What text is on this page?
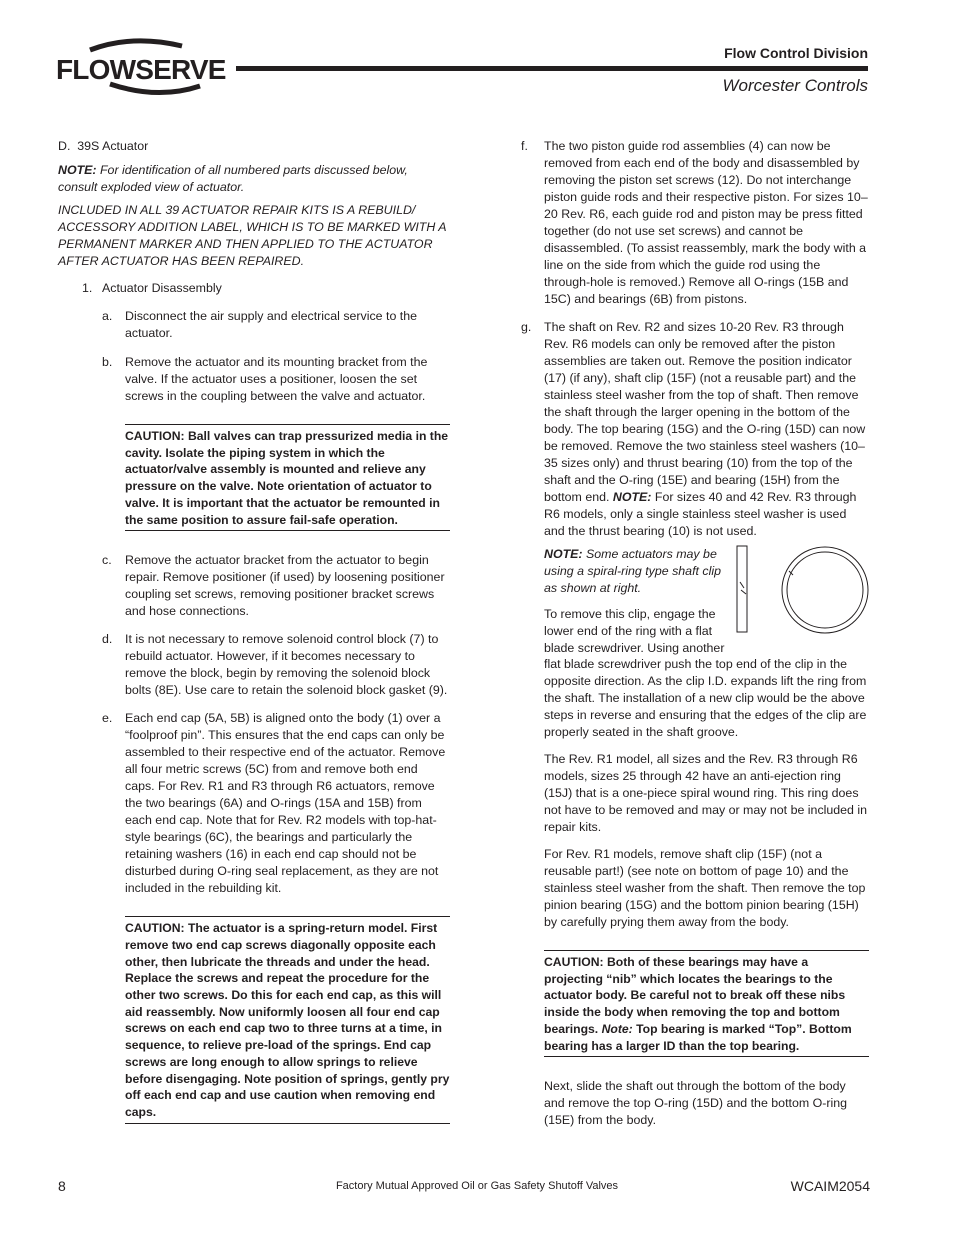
FLOWSERVE
Flow Control Division
Worcester Controls

D.  39S Actuator

NOTE: For identification of all numbered parts discussed below, consult exploded view of actuator.

INCLUDED IN ALL 39 ACTUATOR REPAIR KITS IS A REBUILD/ ACCESSORY ADDITION LABEL, WHICH IS TO BE MARKED WITH A PERMANENT MARKER AND THEN APPLIED TO THE ACTUATOR AFTER ACTUATOR HAS BEEN REPAIRED.

1. Actuator Disassembly
a. Disconnect the air supply and electrical service to the actuator.

b. Remove the actuator and its mounting bracket from the valve. If the actuator uses a positioner, loosen the set screws in the coupling between the valve and actuator.

CAUTION: Ball valves can trap pressurized media in the cavity. Isolate the piping system in which the actuator/valve assembly is mounted and relieve any pressure on the valve. Note orientation of actuator to valve. It is important that the actuator be remounted in the same position to assure fail-safe operation.
c. Remove the actuator bracket from the actuator to begin repair. Remove positioner (if used) by loosening positioner coupling set screws, removing positioner bracket screws and hose connections.

d. It is not necessary to remove solenoid control block (7) to rebuild actuator. However, if it becomes necessary to remove the block, begin by removing the solenoid block bolts (8E). Use care to retain the solenoid block gasket (9).

e. Each end cap (5A, 5B) is aligned onto the body (1) over a “foolproof pin”. This ensures that the end caps can only be assembled to their respective end of the actuator. Remove all four metric screws (5C) from and remove both end caps. For Rev. R1 and R3 through R6 actuators, remove the two bearings (6A) and O-rings (15A and 15B) from each end cap. Note that for Rev. R2 models with top-hat-style bearings (6C), the bearings and particularly the retaining washers (16) in each end cap should not be disturbed during O-ring seal replacement, as they are not included in the rebuilding kit.

CAUTION: The actuator is a spring-return model. First remove two end cap screws diagonally opposite each other, then lubricate the threads and under the head. Replace the screws and repeat the procedure for the other two screws. Do this for each end cap, as this will aid reassembly. Now uniformly loosen all four end cap screws on each end cap two to three turns at a time, in sequence, to relieve pre-load of the springs. End cap screws are long enough to allow springs to relieve before disengaging. Note position of springs, gently pry off each end cap and use caution when removing end caps.
f. The two piston guide rod assemblies (4) can now be removed from each end of the body and disassembled by removing the piston set screws (12). Do not interchange piston guide rods and their respective piston. For sizes 10–20 Rev. R6, each guide rod and piston may be press fitted together (do not use set screws) and cannot be disassembled. (To assist reassembly, mark the body with a line on the side from which the guide rod using the through-hole is removed.) Remove all O-rings (15B and 15C) and bearings (6B) from pistons.

g. The shaft on Rev. R2 and sizes 10-20 Rev. R3 through Rev. R6 models can only be removed after the piston assemblies are taken out. Remove the position indicator (17) (if any), shaft clip (15F) (not a reusable part) and the stainless steel washer from the top of shaft. Then remove the shaft through the larger opening in the bottom of the body. The top bearing (15G) and the O-ring (15D) can now be removed. Remove the two stainless steel washers (10–35 sizes only) and thrust bearing (10) from the top of the shaft and the O-ring (15E) and bearing (15H) from the bottom end. NOTE: For sizes 40 and 42 Rev. R3 through R6 models, only a single stainless steel washer is used and the thrust bearing (10) is not used.

NOTE: Some actuators may be using a spiral-ring type shaft clip as shown at right.

To remove this clip, engage the

lower end of the ring with a flat

blade screwdriver. Using another

flat blade screwdriver push the top end of the clip in the opposite direction. As the clip I.D. expands lift the ring from the shaft. The installation of a new clip would be the above steps in reverse and ensuring that the edges of the clip are properly seated in the shaft groove.

The Rev. R1 model, all sizes and the Rev. R3 through R6 models, sizes 25 through 42 have an anti-ejection ring (15J) that is a one-piece spiral wound ring. This ring does not have to be removed and may or may not be included in repair kits.

For Rev. R1 models, remove shaft clip (15F) (not a reusable part!) (see note on bottom of page 10) and the stainless steel washer from the shaft. Then remove the top pinion bearing (15G) and the bottom pinion bearing (15H) by carefully prying them away from the body.

CAUTION: Both of these bearings may have a projecting “nib” which locates the bearings to the actuator body. Be careful not to break off these nibs inside the body when removing the top and bottom bearings. Note: Top bearing is marked “Top”. Bottom bearing has a larger ID than the top bearing.

Next, slide the shaft out through the bottom of the body and remove the top O-ring (15D) and the bottom O-ring (15E) from the body.

8	Factory Mutual Approved Oil or Gas Safety Shutoff Valves	WCAIM2054
